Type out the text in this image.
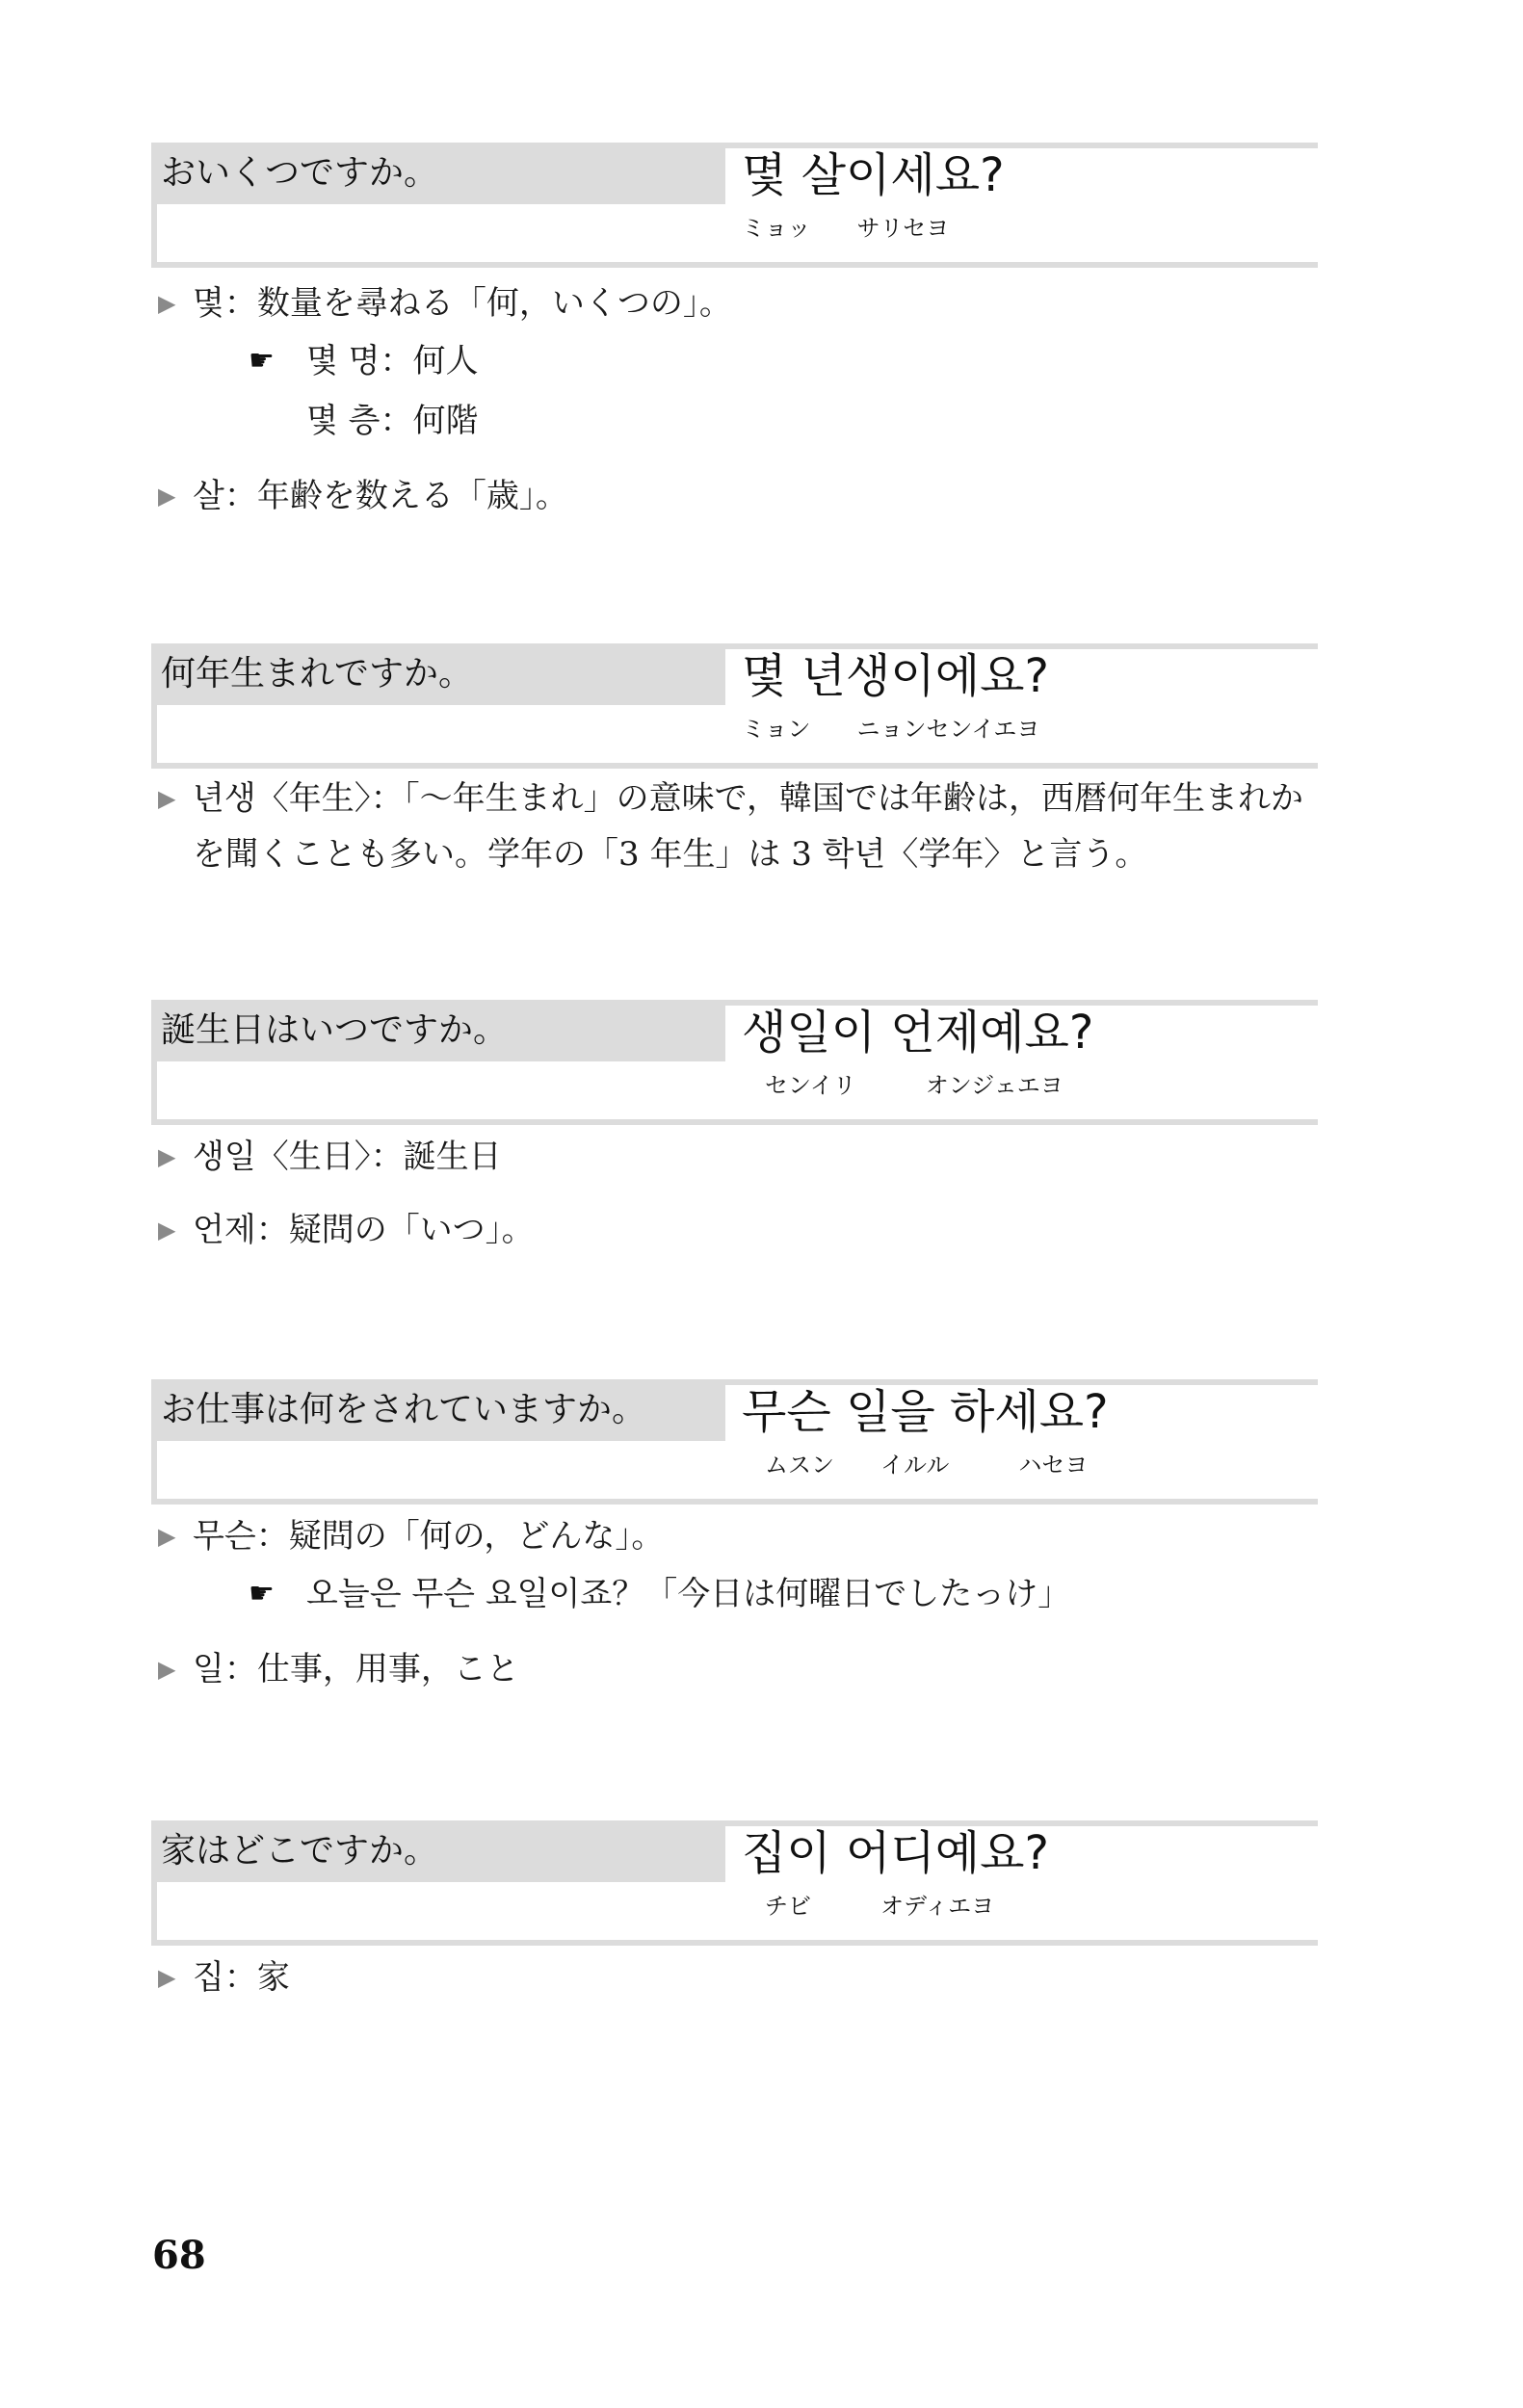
おいくつですか。	몇 살이세요?
ミョッ　　サリセヨ
▶ 몇：数量を尋ねる「何，いくつの」。
☛ 몇 명：何人
몇 층：何階
▶ 살：年齢を数える「歳」。
何年生まれですか。	몇 년생이에요?
ミョン　　ニョンセンイエヨ
▶ 년생〈年生〉：「〜年生まれ」の意味で，韓国では年齢は，西暦何年生まれかを聞くことも多い。学年の「3 年生」は 3 학년〈学年〉と言う。
誕生日はいつですか。	생일이 언제예요?
　センイリ　　　オンジェエヨ
▶ 생일〈生日〉：誕生日
▶ 언제：疑問の「いつ」。
お仕事は何をされていますか。	무슨 일을 하세요?
　ムスン　　イルル　　　ハセヨ
▶ 무슨：疑問の「何の，どんな」。
☛ 오늘은 무슨 요일이죠？「今日は何曜日でしたっけ」
▶ 일：仕事，用事，こと
家はどこですか。	집이 어디예요?
　チビ　　　オディエヨ
▶ 집：家
68
